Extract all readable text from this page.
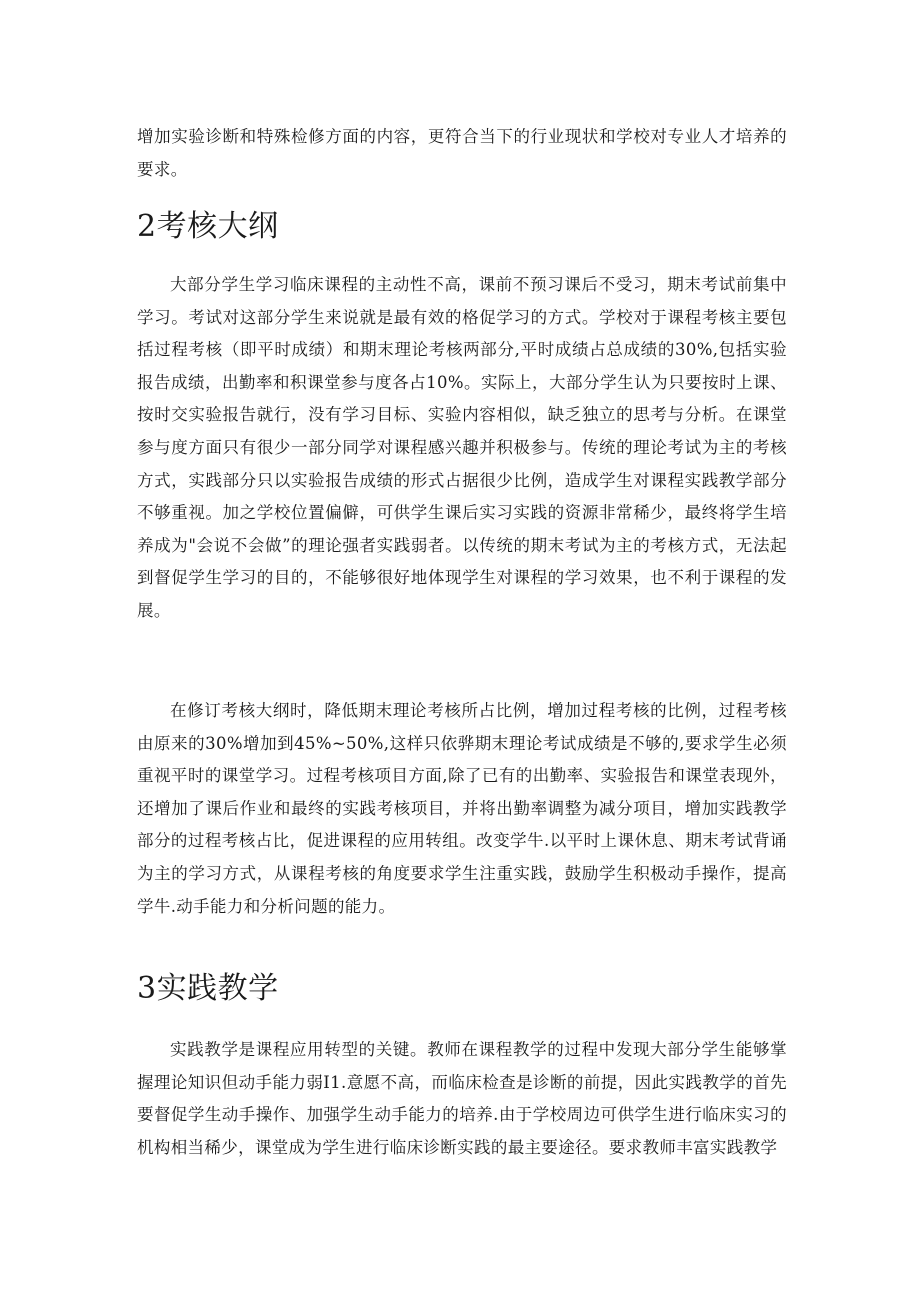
增加实验诊断和特殊检修方面的内容，更符合当下的行业现状和学校对专业人才培养的要求。

2考核大纲

大部分学生学习临床课程的主动性不高，课前不预习课后不受习，期末考试前集中学习。考试对这部分学生来说就是最有效的格促学习的方式。学校对于课程考核主要包括过程考核（即平时成绩）和期末理论考核两部分,平时成绩占总成绩的30%,包括实验报告成绩，出勤率和积课堂参与度各占10%。实际上，大部分学生认为只要按时上课、按时交实验报告就行，没有学习目标、实验内容相似，缺乏独立的思考与分析。在课堂参与度方面只有很少一部分同学对课程感兴趣并积极参与。传统的理论考试为主的考核方式，实践部分只以实验报告成绩的形式占据很少比例，造成学生对课程实践教学部分不够重视。加之学校位置偏僻，可供学生课后实习实践的资源非常稀少，最终将学生培养成为"会说不会做”的理论强者实践弱者。以传统的期末考试为主的考核方式，无法起到督促学生学习的目的，不能够很好地体现学生对课程的学习效果，也不利于课程的发展。

在修订考核大纲时，降低期末理论考核所占比例，增加过程考核的比例，过程考核由原来的30%增加到45%~50%,这样只依骅期末理论考试成绩是不够的,要求学生必须重视平时的课堂学习。过程考核项目方面,除了已有的出勤率、实验报告和课堂表现外，还增加了课后作业和最终的实践考核项目，并将出勤率调整为减分项目，增加实践教学部分的过程考核占比，促进课程的应用转组。改变学牛.以平时上课休息、期末考试背诵为主的学习方式，从课程考核的角度要求学生注重实践，鼓励学生积极动手操作，提高学牛.动手能力和分析问题的能力。

3实践教学

实践教学是课程应用转型的关键。教师在课程教学的过程中发现大部分学生能够掌握理论知识但动手能力弱I1.意愿不高，而临床检查是诊断的前提，因此实践教学的首先要督促学生动手操作、加强学生动手能力的培养.由于学校周边可供学生进行临床实习的机构相当稀少，课堂成为学生进行临床诊断实践的最主要途径。要求教师丰富实践教学
